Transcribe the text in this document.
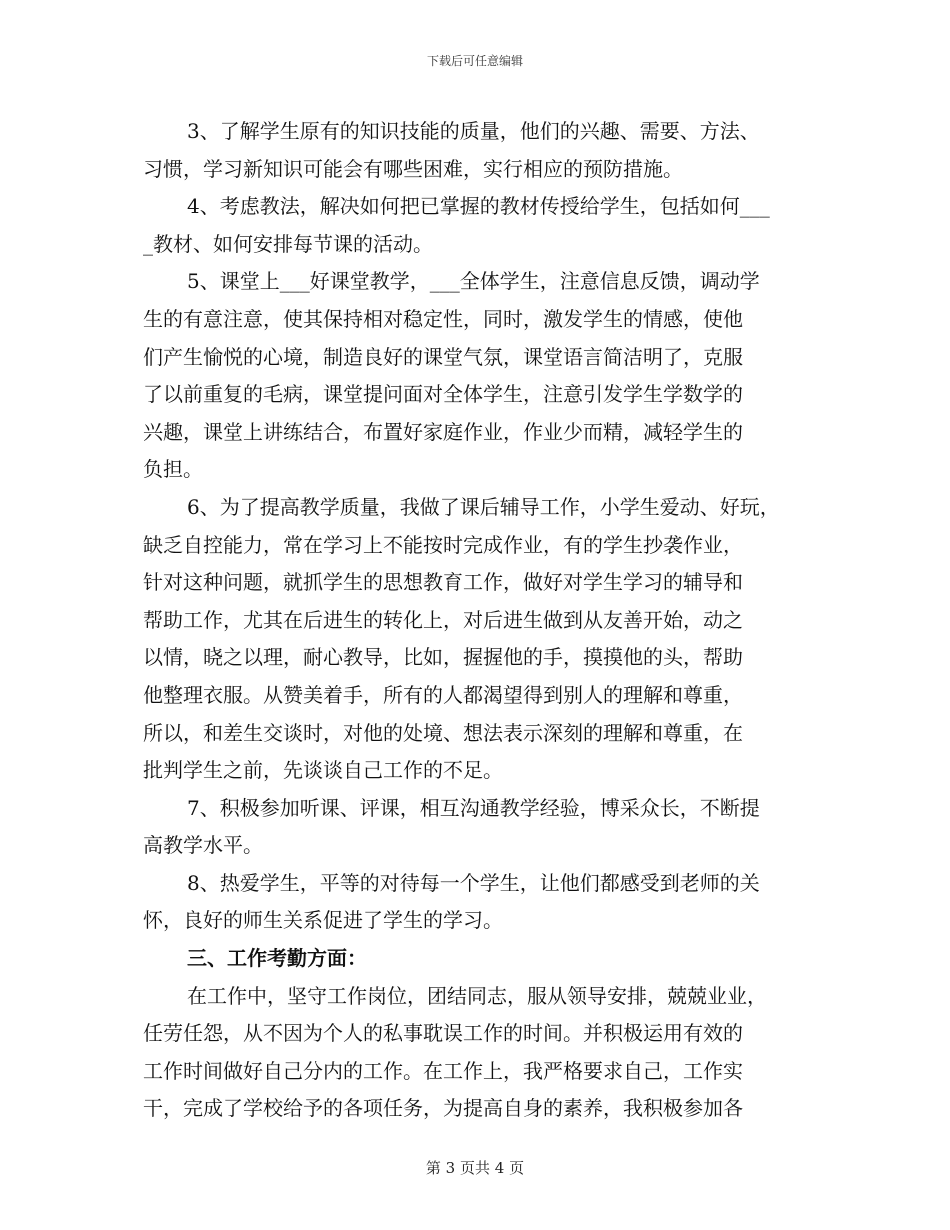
下载后可任意编辑
3、了解学生原有的知识技能的质量，他们的兴趣、需要、方法、
习惯，学习新知识可能会有哪些困难，实行相应的预防措施。
4、考虑教法，解决如何把已掌握的教材传授给学生，包括如何___
_教材、如何安排每节课的活动。
5、课堂上___好课堂教学，___全体学生，注意信息反馈，调动学
生的有意注意，使其保持相对稳定性，同时，激发学生的情感，使他
们产生愉悦的心境，制造良好的课堂气氛，课堂语言简洁明了，克服
了以前重复的毛病，课堂提问面对全体学生，注意引发学生学数学的
兴趣，课堂上讲练结合，布置好家庭作业，作业少而精，减轻学生的
负担。
6、为了提高教学质量，我做了课后辅导工作，小学生爱动、好玩，
缺乏自控能力，常在学习上不能按时完成作业，有的学生抄袭作业，
针对这种问题，就抓学生的思想教育工作，做好对学生学习的辅导和
帮助工作，尤其在后进生的转化上，对后进生做到从友善开始，动之
以情，晓之以理，耐心教导，比如，握握他的手，摸摸他的头，帮助
他整理衣服。从赞美着手，所有的人都渴望得到别人的理解和尊重，
所以，和差生交谈时，对他的处境、想法表示深刻的理解和尊重，在
批判学生之前，先谈谈自己工作的不足。
7、积极参加听课、评课，相互沟通教学经验，博采众长，不断提
高教学水平。
8、热爱学生，平等的对待每一个学生，让他们都感受到老师的关
怀，良好的师生关系促进了学生的学习。
三、工作考勤方面：
在工作中，坚守工作岗位，团结同志，服从领导安排，兢兢业业，
任劳任怨，从不因为个人的私事耽误工作的时间。并积极运用有效的
工作时间做好自己分内的工作。在工作上，我严格要求自己，工作实
干，完成了学校给予的各项任务，为提高自身的素养，我积极参加各
第 3 页共 4 页
